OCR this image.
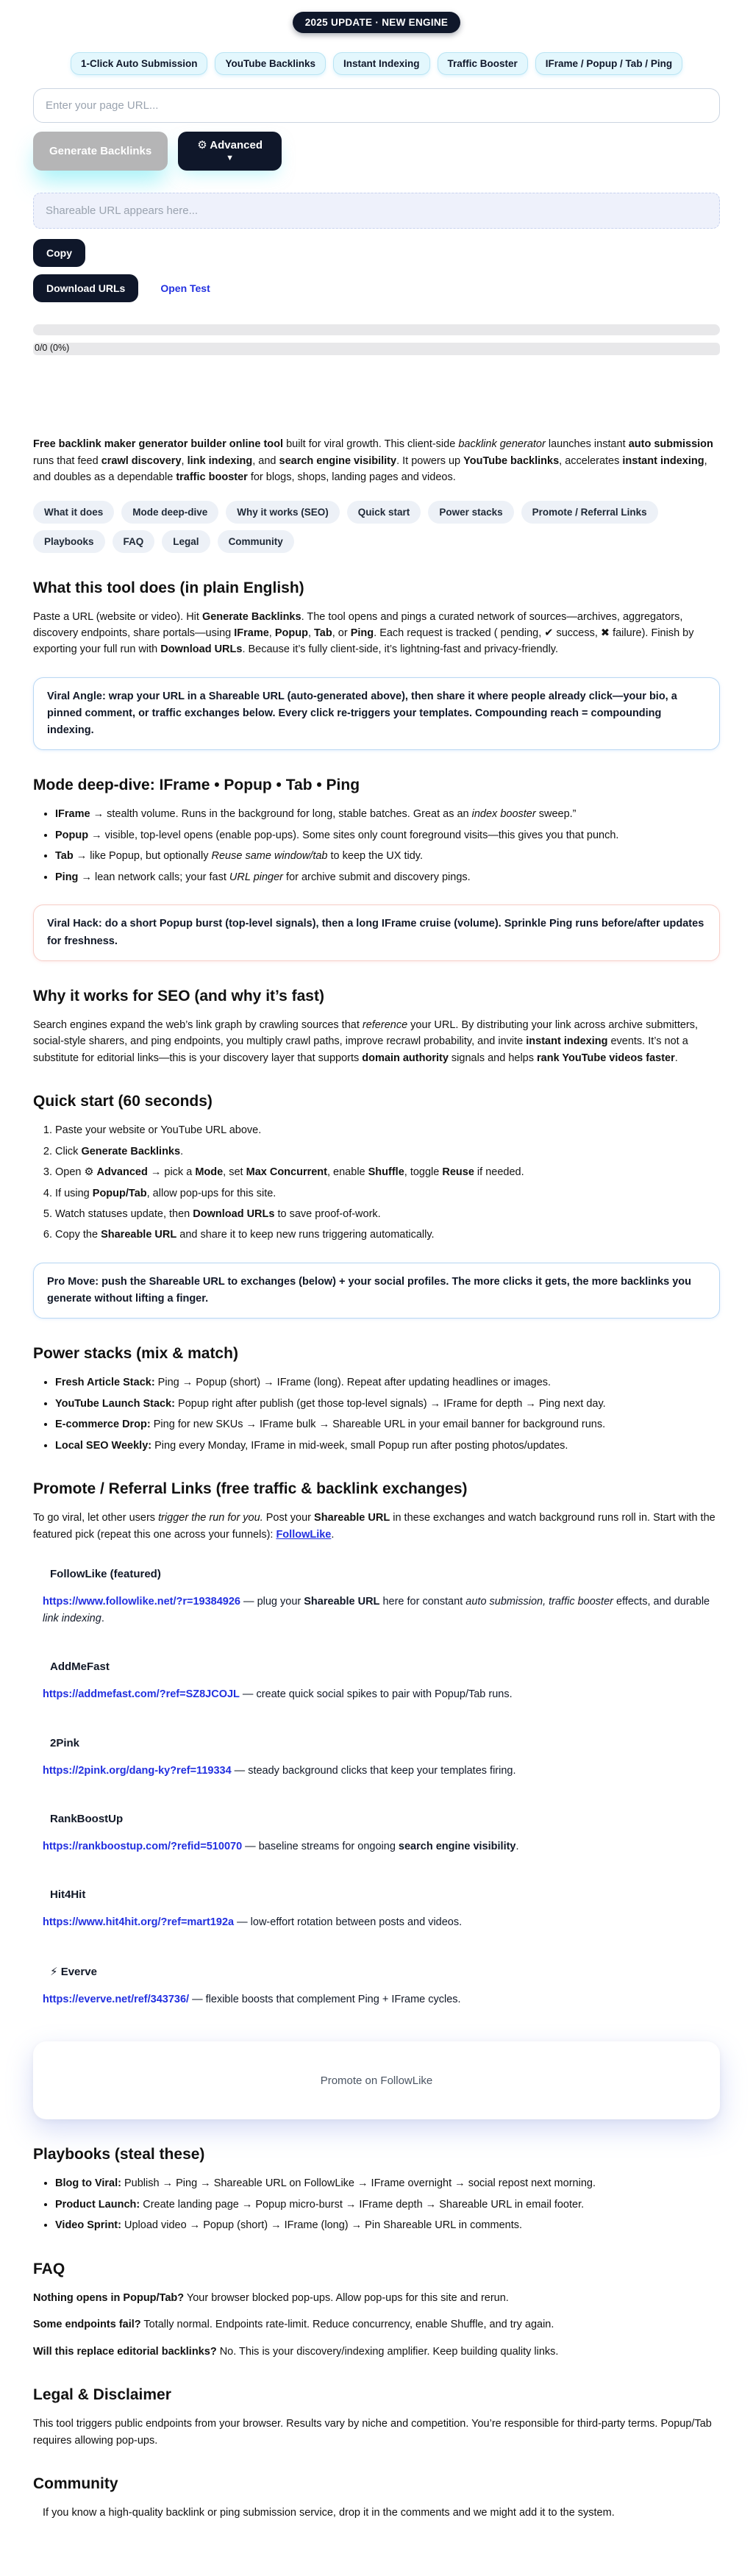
2025 UPDATE · NEW ENGINE
1-Click Auto Submission	YouTube Backlinks	Instant Indexing	Traffic Booster	IFrame / Popup / Tab / Ping
Enter your page URL...
Generate Backlinks	⚙ Advanced
▼
Shareable URL appears here...
Copy
Download URLs	Open Test
0/0 (0%)

Free backlink maker generator builder online tool built for viral growth. This client-side backlink generator launches instant auto submission runs that feed crawl discovery, link indexing, and search engine visibility. It powers up YouTube backlinks, accelerates instant indexing, and doubles as a dependable traffic booster for blogs, shops, landing pages and videos.

What it does	Mode deep-dive	Why it works (SEO)	Quick start	Power stacks	Promote / Referral Links
Playbooks	FAQ	Legal	Community
What this tool does (in plain English)

Paste a URL (website or video). Hit Generate Backlinks. The tool opens and pings a curated network of sources—archives, aggregators, discovery endpoints, share portals—using IFrame, Popup, Tab, or Ping. Each request is tracked ( pending, ✔ success, ✖ failure). Finish by exporting your full run with Download URLs. Because it’s fully client-side, it’s lightning-fast and privacy-friendly.

Viral Angle: wrap your URL in a Shareable URL (auto-generated above), then share it where people already click—your bio, a pinned comment, or traffic exchanges below. Every click re-triggers your templates. Compounding reach = compounding indexing.
Mode deep-dive: IFrame • Popup • Tab • Ping
• IFrame → stealth volume. Runs in the background for long, stable batches. Great as an index booster sweep.”
• Popup → visible, top-level opens (enable pop-ups). Some sites only count foreground visits—this gives you that punch.
• Tab → like Popup, but optionally Reuse same window/tab to keep the UX tidy.
• Ping → lean network calls; your fast URL pinger for archive submit and discovery pings.
Viral Hack: do a short Popup burst (top-level signals), then a long IFrame cruise (volume). Sprinkle Ping runs before/after updates for freshness.
Why it works for SEO (and why it’s fast)

Search engines expand the web’s link graph by crawling sources that reference your URL. By distributing your link across archive submitters, social-style sharers, and ping endpoints, you multiply crawl paths, improve recrawl probability, and invite instant indexing events. It’s not a substitute for editorial links—this is your discovery layer that supports domain authority signals and helps rank YouTube videos faster.

Quick start (60 seconds)
1. Paste your website or YouTube URL above.
2. Click Generate Backlinks.
3. Open ⚙ Advanced → pick a Mode, set Max Concurrent, enable Shuffle, toggle Reuse if needed.
4. If using Popup/Tab, allow pop-ups for this site.
5. Watch statuses update, then Download URLs to save proof-of-work.
6. Copy the Shareable URL and share it to keep new runs triggering automatically.
Pro Move: push the Shareable URL to exchanges (below) + your social profiles. The more clicks it gets, the more backlinks you generate without lifting a finger.
Power stacks (mix & match)
• Fresh Article Stack: Ping → Popup (short) → IFrame (long). Repeat after updating headlines or images.
• YouTube Launch Stack: Popup right after publish (get those top-level signals) → IFrame for depth → Ping next day.
• E-commerce Drop: Ping for new SKUs → IFrame bulk → Shareable URL in your email banner for background runs.
• Local SEO Weekly: Ping every Monday, IFrame in mid-week, small Popup run after posting photos/updates.
Promote / Referral Links (free traffic & backlink exchanges)

To go viral, let other users trigger the run for you. Post your Shareable URL in these exchanges and watch background runs roll in. Start with the featured pick (repeat this one across your funnels): FollowLike.

FollowLike (featured)

https://www.followlike.net/?r=19384926 — plug your Shareable URL here for constant auto submission, traffic booster effects, and durable link indexing.

AddMeFast

https://addmefast.com/?ref=SZ8JCOJL — create quick social spikes to pair with Popup/Tab runs.

2Pink

https://2pink.org/dang-ky?ref=119334 — steady background clicks that keep your templates firing.

RankBoostUp

https://rankboostup.com/?refid=510070 — baseline streams for ongoing search engine visibility.

Hit4Hit

https://www.hit4hit.org/?ref=mart192a — low-effort rotation between posts and videos.

⚡ Everve

https://everve.net/ref/343736/ — flexible boosts that complement Ping + IFrame cycles.

Promote on FollowLike
Playbooks (steal these)
• Blog to Viral: Publish → Ping → Shareable URL on FollowLike → IFrame overnight → social repost next morning.
• Product Launch: Create landing page → Popup micro-burst → IFrame depth → Shareable URL in email footer.
• Video Sprint: Upload video → Popup (short) → IFrame (long) → Pin Shareable URL in comments.
FAQ

Nothing opens in Popup/Tab? Your browser blocked pop-ups. Allow pop-ups for this site and rerun.

Some endpoints fail? Totally normal. Endpoints rate-limit. Reduce concurrency, enable Shuffle, and try again.

Will this replace editorial backlinks? No. This is your discovery/indexing amplifier. Keep building quality links.

Legal & Disclaimer

This tool triggers public endpoints from your browser. Results vary by niche and competition. You’re responsible for third-party terms. Popup/Tab requires allowing pop-ups.

Community

If you know a high-quality backlink or ping submission service, drop it in the comments and we might add it to the system.
